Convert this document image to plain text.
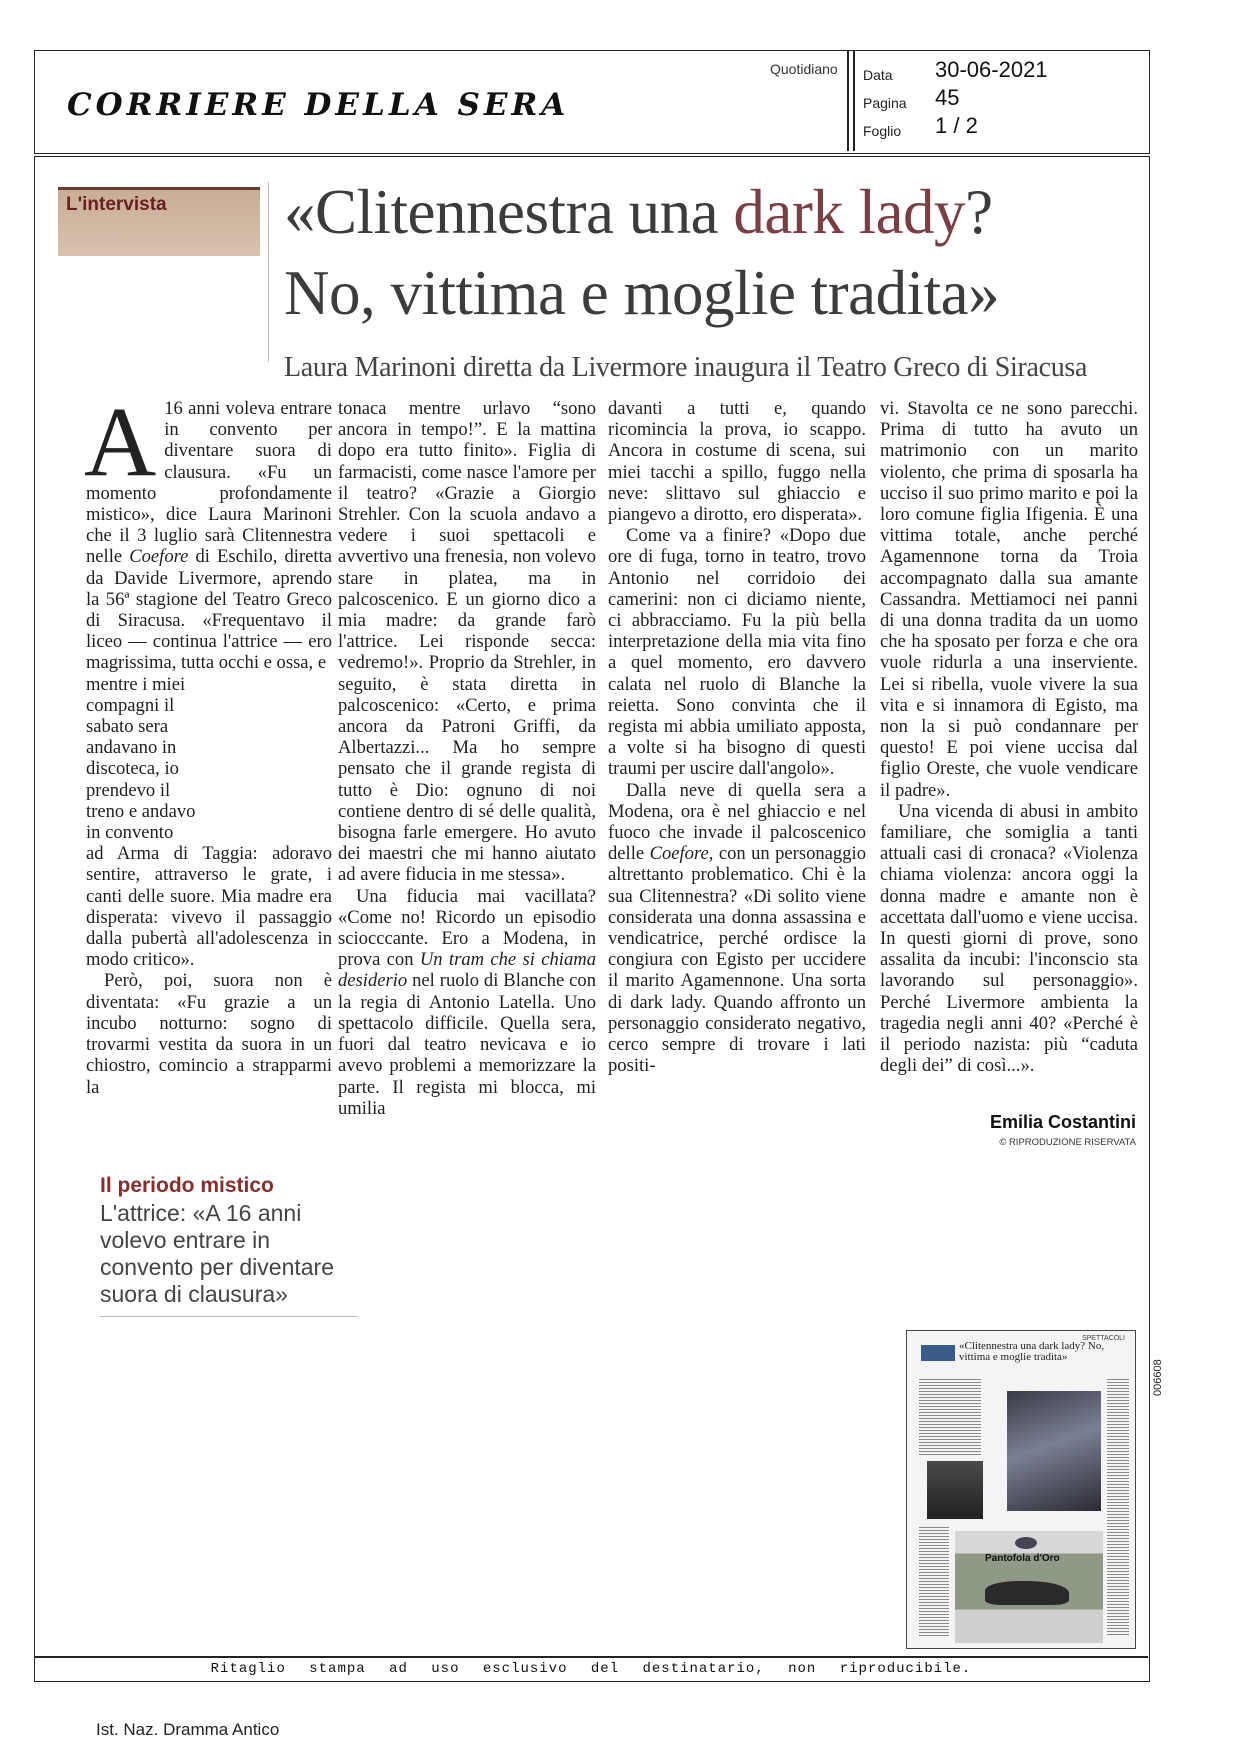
CORRIERE DELLA SERA
Quotidiano Data	30-06-2021
Pagina	45
Foglio	1 / 2
L'intervista «Clitennestra una dark lady?
No, vittima e moglie tradita»
Laura Marinoni diretta da Livermore inaugura il Teatro Greco di Siracusa

A 16 anni voleva entrare in convento per diventare suora di clausura. «Fu un momento profondamente mistico», dice Laura Marinoni che il 3 luglio sarà Clitennestra nelle Coefore di Eschilo, diretta da Davide Livermore, aprendo la 56ª stagione del Teatro Greco di Siracusa. «Frequentavo il liceo — continua l'attrice — ero magrissima, tutta occhi e ossa, e

mentre i miei compagni il sabato sera andavano in discoteca, io prendevo il treno e andavo in convento

ad Arma di Taggia: adoravo sentire, attraverso le grate, i canti delle suore. Mia madre era disperata: vivevo il passaggio dalla pubertà all'adolescenza in modo critico».

Però, poi, suora non è diventata: «Fu grazie a un incubo notturno: sogno di trovarmi vestita da suora in un chiostro, comincio a strapparmi la

tonaca mentre urlavo “sono ancora in tempo!”. E la mattina dopo era tutto finito». Figlia di farmacisti, come nasce l'amore per il teatro? «Grazie a Giorgio Strehler. Con la scuola andavo a vedere i suoi spettacoli e avvertivo una frenesia, non volevo stare in platea, ma in palcoscenico. E un giorno dico a mia madre: da grande farò l'attrice. Lei risponde secca: vedremo!». Proprio da Strehler, in seguito, è stata diretta in palcoscenico: «Certo, e prima ancora da Patroni Griffi, da Albertazzi... Ma ho sempre pensato che il grande regista di tutto è Dio: ognuno di noi contiene dentro di sé delle qualità, bisogna farle emergere. Ho avuto dei maestri che mi hanno aiutato ad avere fiducia in me stessa».

Una fiducia mai vacillata? «Come no! Ricordo un episodio sciocccante. Ero a Modena, in prova con Un tram che si chiama desiderio nel ruolo di Blanche con la regia di Antonio Latella. Uno spettacolo difficile. Quella sera, fuori dal teatro nevicava e io avevo problemi a memorizzare la parte. Il regista mi blocca, mi umilia

davanti a tutti e, quando ricomincia la prova, io scappo. Ancora in costume di scena, sui miei tacchi a spillo, fuggo nella neve: slittavo sul ghiaccio e piangevo a dirotto, ero disperata».

Come va a finire? «Dopo due ore di fuga, torno in teatro, trovo Antonio nel corridoio dei camerini: non ci diciamo niente, ci abbracciamo. Fu la più bella interpretazione della mia vita fino a quel momento, ero davvero calata nel ruolo di Blanche la reietta. Sono convinta che il regista mi abbia umiliato apposta, a volte si ha bisogno di questi traumi per uscire dall'angolo».

Dalla neve di quella sera a Modena, ora è nel ghiaccio e nel fuoco che invade il palcoscenico delle Coefore, con un personaggio altrettanto problematico. Chi è la sua Clitennestra? «Di solito viene considerata una donna assassina e vendicatrice, perché ordisce la congiura con Egisto per uccidere il marito Agamennone. Una sorta di dark lady. Quando affronto un personaggio considerato negativo, cerco sempre di trovare i lati positi-

vi. Stavolta ce ne sono parecchi. Prima di tutto ha avuto un matrimonio con un marito violento, che prima di sposarla ha ucciso il suo primo marito e poi la loro comune figlia Ifigenia. È una vittima totale, anche perché Agamennone torna da Troia accompagnato dalla sua amante Cassandra. Mettiamoci nei panni di una donna tradita da un uomo che ha sposato per forza e che ora vuole ridurla a una inserviente. Lei si ribella, vuole vivere la sua vita e si innamora di Egisto, ma non la si può condannare per questo! E poi viene uccisa dal figlio Oreste, che vuole vendicare il padre».

Una vicenda di abusi in ambito familiare, che somiglia a tanti attuali casi di cronaca? «Violenza chiama violenza: ancora oggi la donna madre e amante non è accettata dall'uomo e viene uccisa. In questi giorni di prove, sono assalita da incubi: l'inconscio sta lavorando sul personaggio». Perché Livermore ambienta la tragedia negli anni 40? «Perché è il periodo nazista: più “caduta degli dei” di così...».

Emilia Costantini
© RIPRODUZIONE RISERVATA
Il periodo mistico
L'attrice: «A 16 anni volevo entrare in convento per diventare suora di clausura»
SPETTACOLI
«Clitennestra una dark lady? No, vittima e moglie tradita»
Pantofola d'Oro
006608
Ritaglio stampa ad uso esclusivo del destinatario, non riproducibile.
Ist. Naz. Dramma Antico
